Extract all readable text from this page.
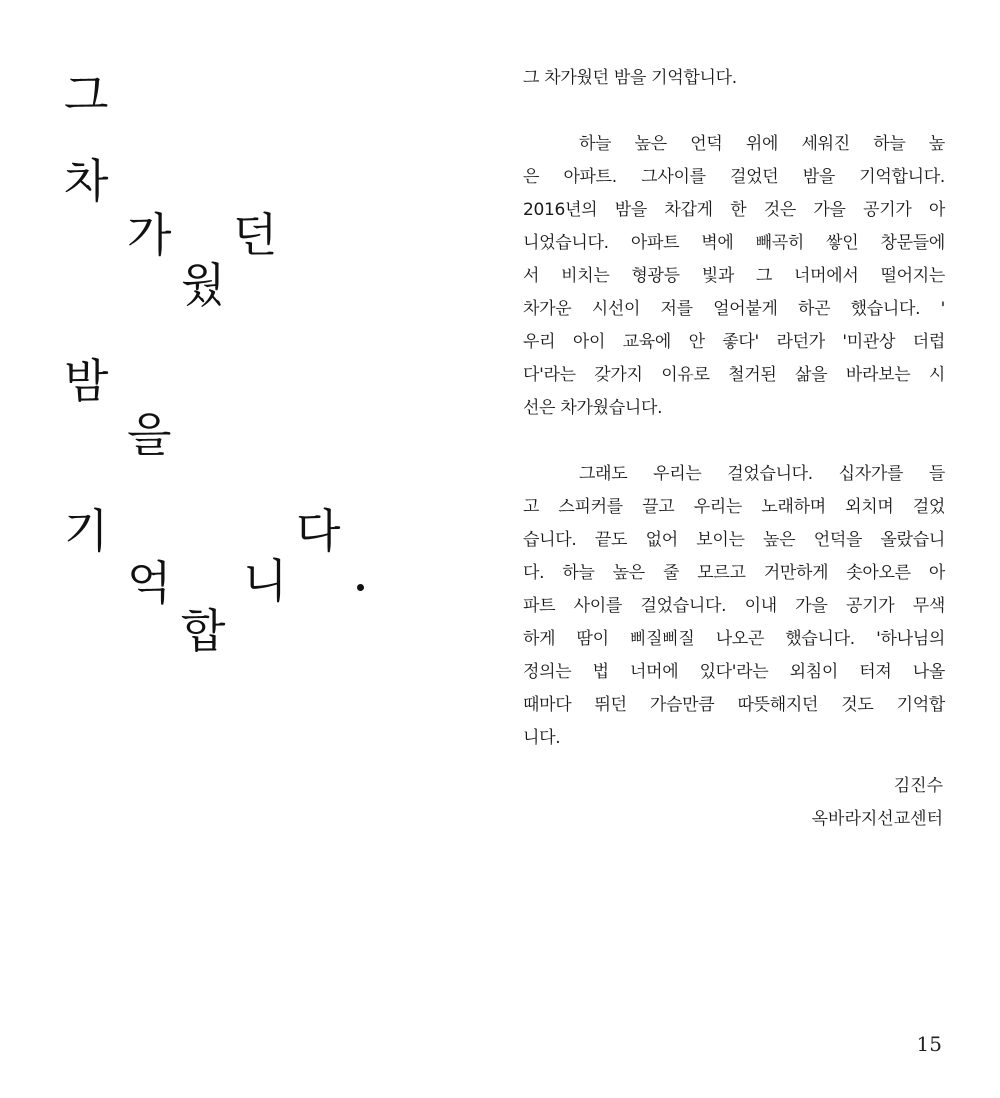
그
차
가
웠
던
밤
을
기
억
합
니
다

그 차가웠던 밤을 기억합니다.

하늘 높은 언덕 위에 세워진 하늘 높
은 아파트. 그사이를 걸었던 밤을 기억합니다.
2016년의 밤을 차갑게 한 것은 가을 공기가 아
니었습니다. 아파트 벽에 빼곡히 쌓인 창문들에
서 비치는 형광등 빛과 그 너머에서 떨어지는
차가운 시선이 저를 얼어붙게 하곤 했습니다. '
우리 아이 교육에 안 좋다' 라던가 '미관상 더럽
다'라는 갖가지 이유로 철거된 삶을 바라보는 시
선은 차가웠습니다.
그래도 우리는 걸었습니다. 십자가를 들
고 스피커를 끌고 우리는 노래하며 외치며 걸었
습니다. 끝도 없어 보이는 높은 언덕을 올랐습니
다. 하늘 높은 줄 모르고 거만하게 솟아오른 아
파트 사이를 걸었습니다. 이내 가을 공기가 무색
하게 땀이 삐질삐질 나오곤 했습니다. '하나님의
정의는 법 너머에 있다'라는 외침이 터져 나올
때마다 뛰던 가슴만큼 따뜻해지던 것도 기억합
니다.
김진수
옥바라지선교센터
15
